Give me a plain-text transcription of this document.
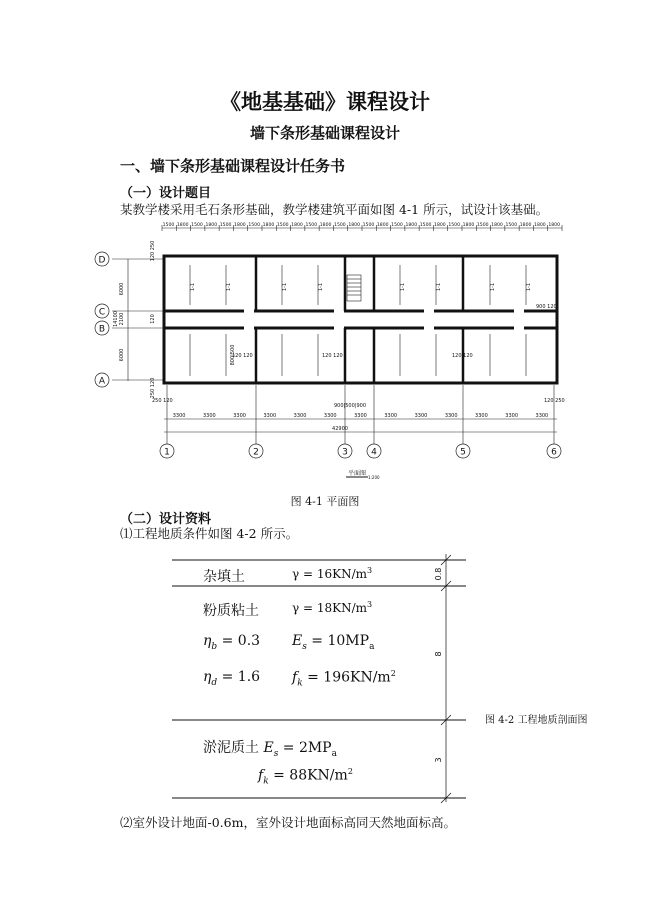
《地基基础》课程设计
墙下条形基础课程设计
一、墙下条形基础课程设计任务书
（一）设计题目
某教学楼采用毛石条形基础，教学楼建筑平面如图 4-1 所示，试设计该基础。
D
C
B
A
1	2	3	4	5	6
1500 1800 1500 1800 1500 1800 1500 1800 1500 1800 1500 1800 1500 1800 1500 1800 1500 1800 1500 1800 1500 1800 1500 1800 1500 1800 1800 1800
3300	3300	3300	3300	3300	3300	3300	3300	3300	3300	3300	3300	3300
42900
900|500|900
250 120	120 250
120 120	120 120	120 120
900 120
6000
2100
6000
14100
120 250
120
250 120
800|500
1-1	1-1	1-1	1-1	1-1	1-1	1-1	1-1
平面图
1:200
图 4-1 平面图
（二）设计资料
⑴工程地质条件如图 4-2 所示。
0.8
8
3
杂填土	$\gamma = 16KN/m^3$
粉质粘土	$\gamma = 18KN/m^3$
$\eta_b = 0.3$ $E_s = 10MP_a$
$\eta_d = 1.6$ $f_k = 196KN/m^2$
淤泥质土 $E_s = 2MP_a$
$f_k = 88KN/m^2$
图 4-2 工程地质剖面图
⑵室外设计地面-0.6m，室外设计地面标高同天然地面标高。
